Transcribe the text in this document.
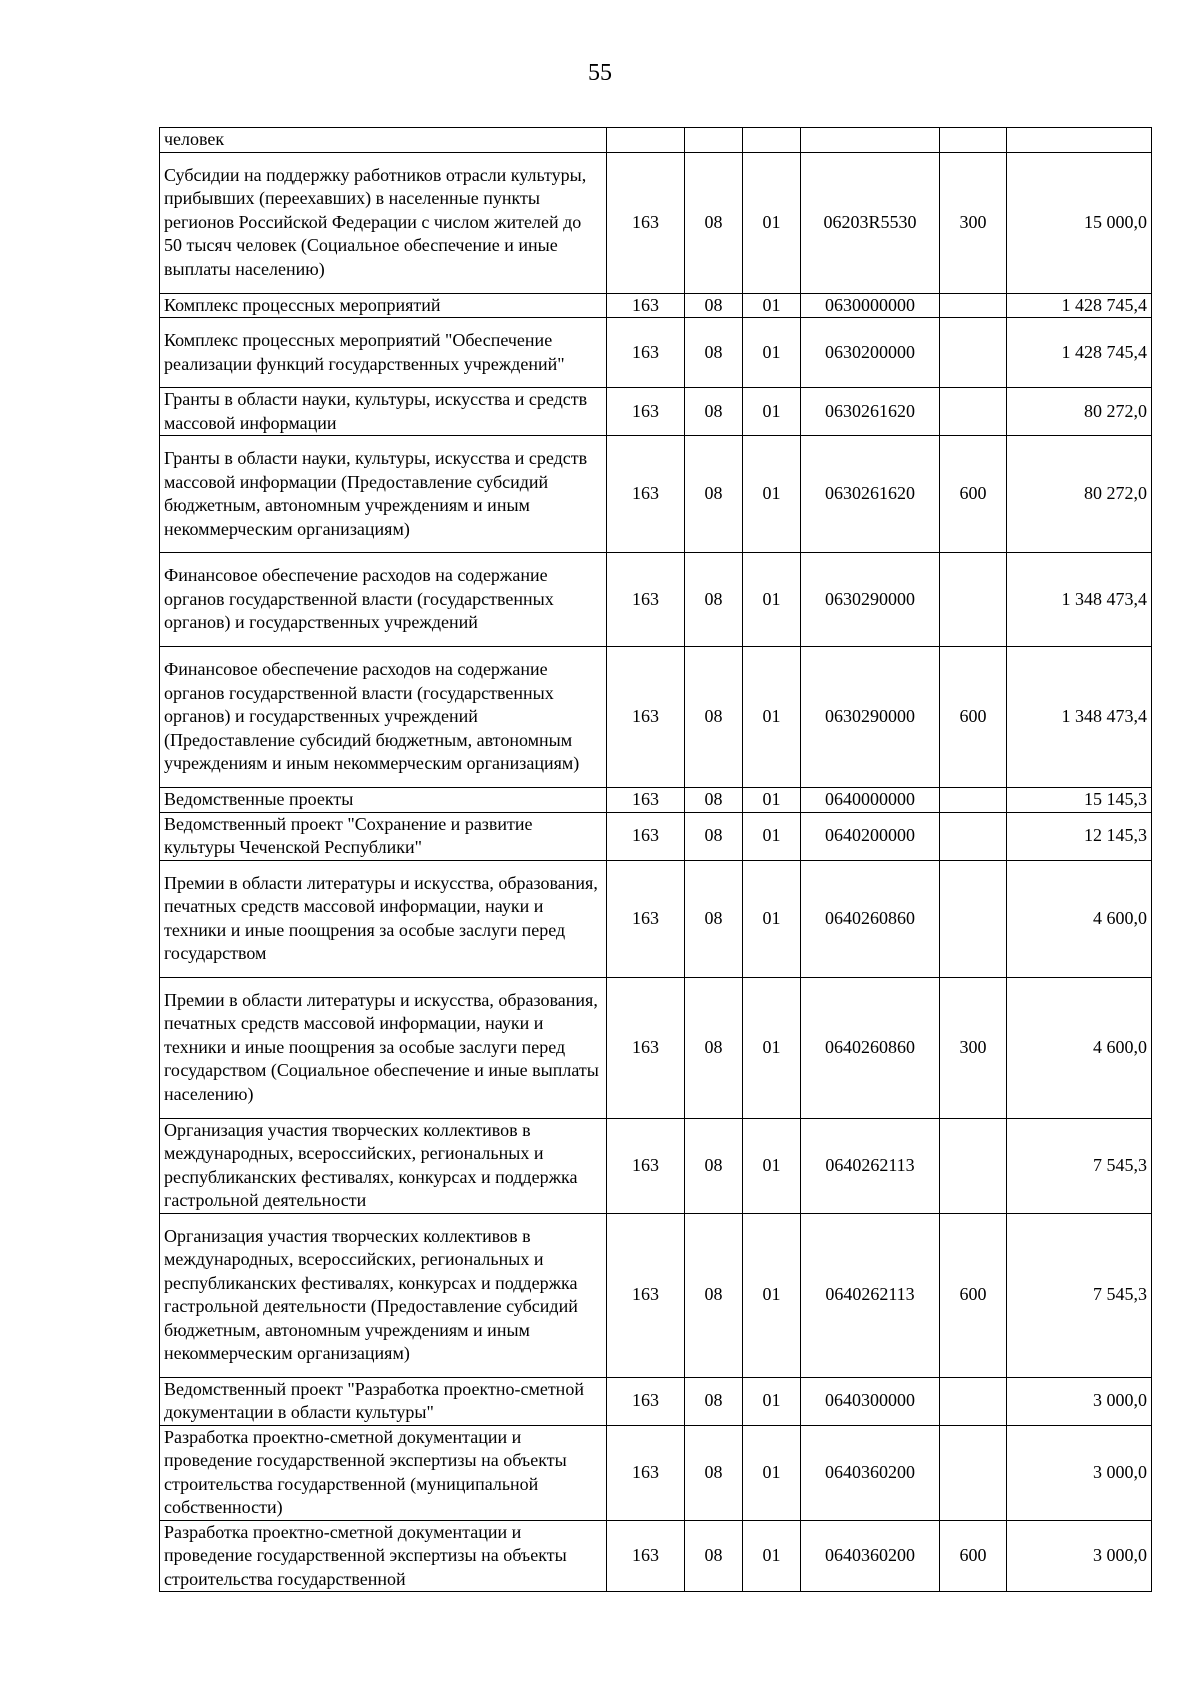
55
человек						
Субсидии на поддержку работников отрасли культуры, прибывших (переехавших) в населенные пункты регионов Российской Федерации с числом жителей до 50 тысяч человек (Социальное обеспечение и иные выплаты населению)	163	08	01	06203R5530	300	15 000,0
Комплекс процессных мероприятий	163	08	01	0630000000		1 428 745,4
Комплекс процессных мероприятий "Обеспечение реализации функций государственных учреждений"	163	08	01	0630200000		1 428 745,4
Гранты в области науки, культуры, искусства и средств массовой информации	163	08	01	0630261620		80 272,0
Гранты в области науки, культуры, искусства и средств массовой информации (Предоставление субсидий бюджетным, автономным учреждениям и иным некоммерческим организациям)	163	08	01	0630261620	600	80 272,0
Финансовое обеспечение расходов на содержание органов государственной власти (государственных органов) и государственных учреждений	163	08	01	0630290000		1 348 473,4
Финансовое обеспечение расходов на содержание органов государственной власти (государственных органов) и государственных учреждений (Предоставление субсидий бюджетным, автономным учреждениям и иным некоммерческим организациям)	163	08	01	0630290000	600	1 348 473,4
Ведомственные проекты	163	08	01	0640000000		15 145,3
Ведомственный проект "Сохранение и развитие культуры Чеченской Республики"	163	08	01	0640200000		12 145,3
Премии в области литературы и искусства, образования, печатных средств массовой информации, науки и техники и иные поощрения за особые заслуги перед государством	163	08	01	0640260860		4 600,0
Премии в области литературы и искусства, образования, печатных средств массовой информации, науки и техники и иные поощрения за особые заслуги перед государством (Социальное обеспечение и иные выплаты населению)	163	08	01	0640260860	300	4 600,0
Организация участия творческих коллективов в международных, всероссийских, региональных и республиканских фестивалях, конкурсах и поддержка гастрольной деятельности	163	08	01	0640262113		7 545,3
Организация участия творческих коллективов в международных, всероссийских, региональных и республиканских фестивалях, конкурсах и поддержка гастрольной деятельности (Предоставление субсидий бюджетным, автономным учреждениям и иным некоммерческим организациям)	163	08	01	0640262113	600	7 545,3
Ведомственный проект "Разработка проектно-сметной документации в области культуры"	163	08	01	0640300000		3 000,0
Разработка проектно-сметной документации и проведение государственной экспертизы на объекты строительства государственной (муниципальной собственности)	163	08	01	0640360200		3 000,0
Разработка проектно-сметной документации и проведение государственной экспертизы на объекты строительства государственной	163	08	01	0640360200	600	3 000,0
